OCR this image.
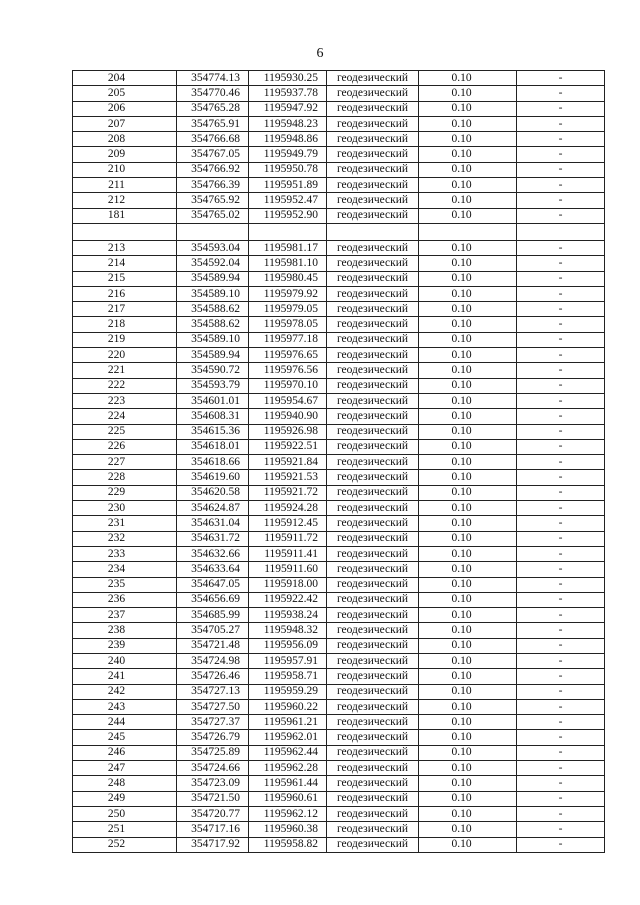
6
204	354774.13	1195930.25	геодезический	0.10	-
205	354770.46	1195937.78	геодезический	0.10	-
206	354765.28	1195947.92	геодезический	0.10	-
207	354765.91	1195948.23	геодезический	0.10	-
208	354766.68	1195948.86	геодезический	0.10	-
209	354767.05	1195949.79	геодезический	0.10	-
210	354766.92	1195950.78	геодезический	0.10	-
211	354766.39	1195951.89	геодезический	0.10	-
212	354765.92	1195952.47	геодезический	0.10	-
181	354765.02	1195952.90	геодезический	0.10	-

213	354593.04	1195981.17	геодезический	0.10	-
214	354592.04	1195981.10	геодезический	0.10	-
215	354589.94	1195980.45	геодезический	0.10	-
216	354589.10	1195979.92	геодезический	0.10	-
217	354588.62	1195979.05	геодезический	0.10	-
218	354588.62	1195978.05	геодезический	0.10	-
219	354589.10	1195977.18	геодезический	0.10	-
220	354589.94	1195976.65	геодезический	0.10	-
221	354590.72	1195976.56	геодезический	0.10	-
222	354593.79	1195970.10	геодезический	0.10	-
223	354601.01	1195954.67	геодезический	0.10	-
224	354608.31	1195940.90	геодезический	0.10	-
225	354615.36	1195926.98	геодезический	0.10	-
226	354618.01	1195922.51	геодезический	0.10	-
227	354618.66	1195921.84	геодезический	0.10	-
228	354619.60	1195921.53	геодезический	0.10	-
229	354620.58	1195921.72	геодезический	0.10	-
230	354624.87	1195924.28	геодезический	0.10	-
231	354631.04	1195912.45	геодезический	0.10	-
232	354631.72	1195911.72	геодезический	0.10	-
233	354632.66	1195911.41	геодезический	0.10	-
234	354633.64	1195911.60	геодезический	0.10	-
235	354647.05	1195918.00	геодезический	0.10	-
236	354656.69	1195922.42	геодезический	0.10	-
237	354685.99	1195938.24	геодезический	0.10	-
238	354705.27	1195948.32	геодезический	0.10	-
239	354721.48	1195956.09	геодезический	0.10	-
240	354724.98	1195957.91	геодезический	0.10	-
241	354726.46	1195958.71	геодезический	0.10	-
242	354727.13	1195959.29	геодезический	0.10	-
243	354727.50	1195960.22	геодезический	0.10	-
244	354727.37	1195961.21	геодезический	0.10	-
245	354726.79	1195962.01	геодезический	0.10	-
246	354725.89	1195962.44	геодезический	0.10	-
247	354724.66	1195962.28	геодезический	0.10	-
248	354723.09	1195961.44	геодезический	0.10	-
249	354721.50	1195960.61	геодезический	0.10	-
250	354720.77	1195962.12	геодезический	0.10	-
251	354717.16	1195960.38	геодезический	0.10	-
252	354717.92	1195958.82	геодезический	0.10	-
